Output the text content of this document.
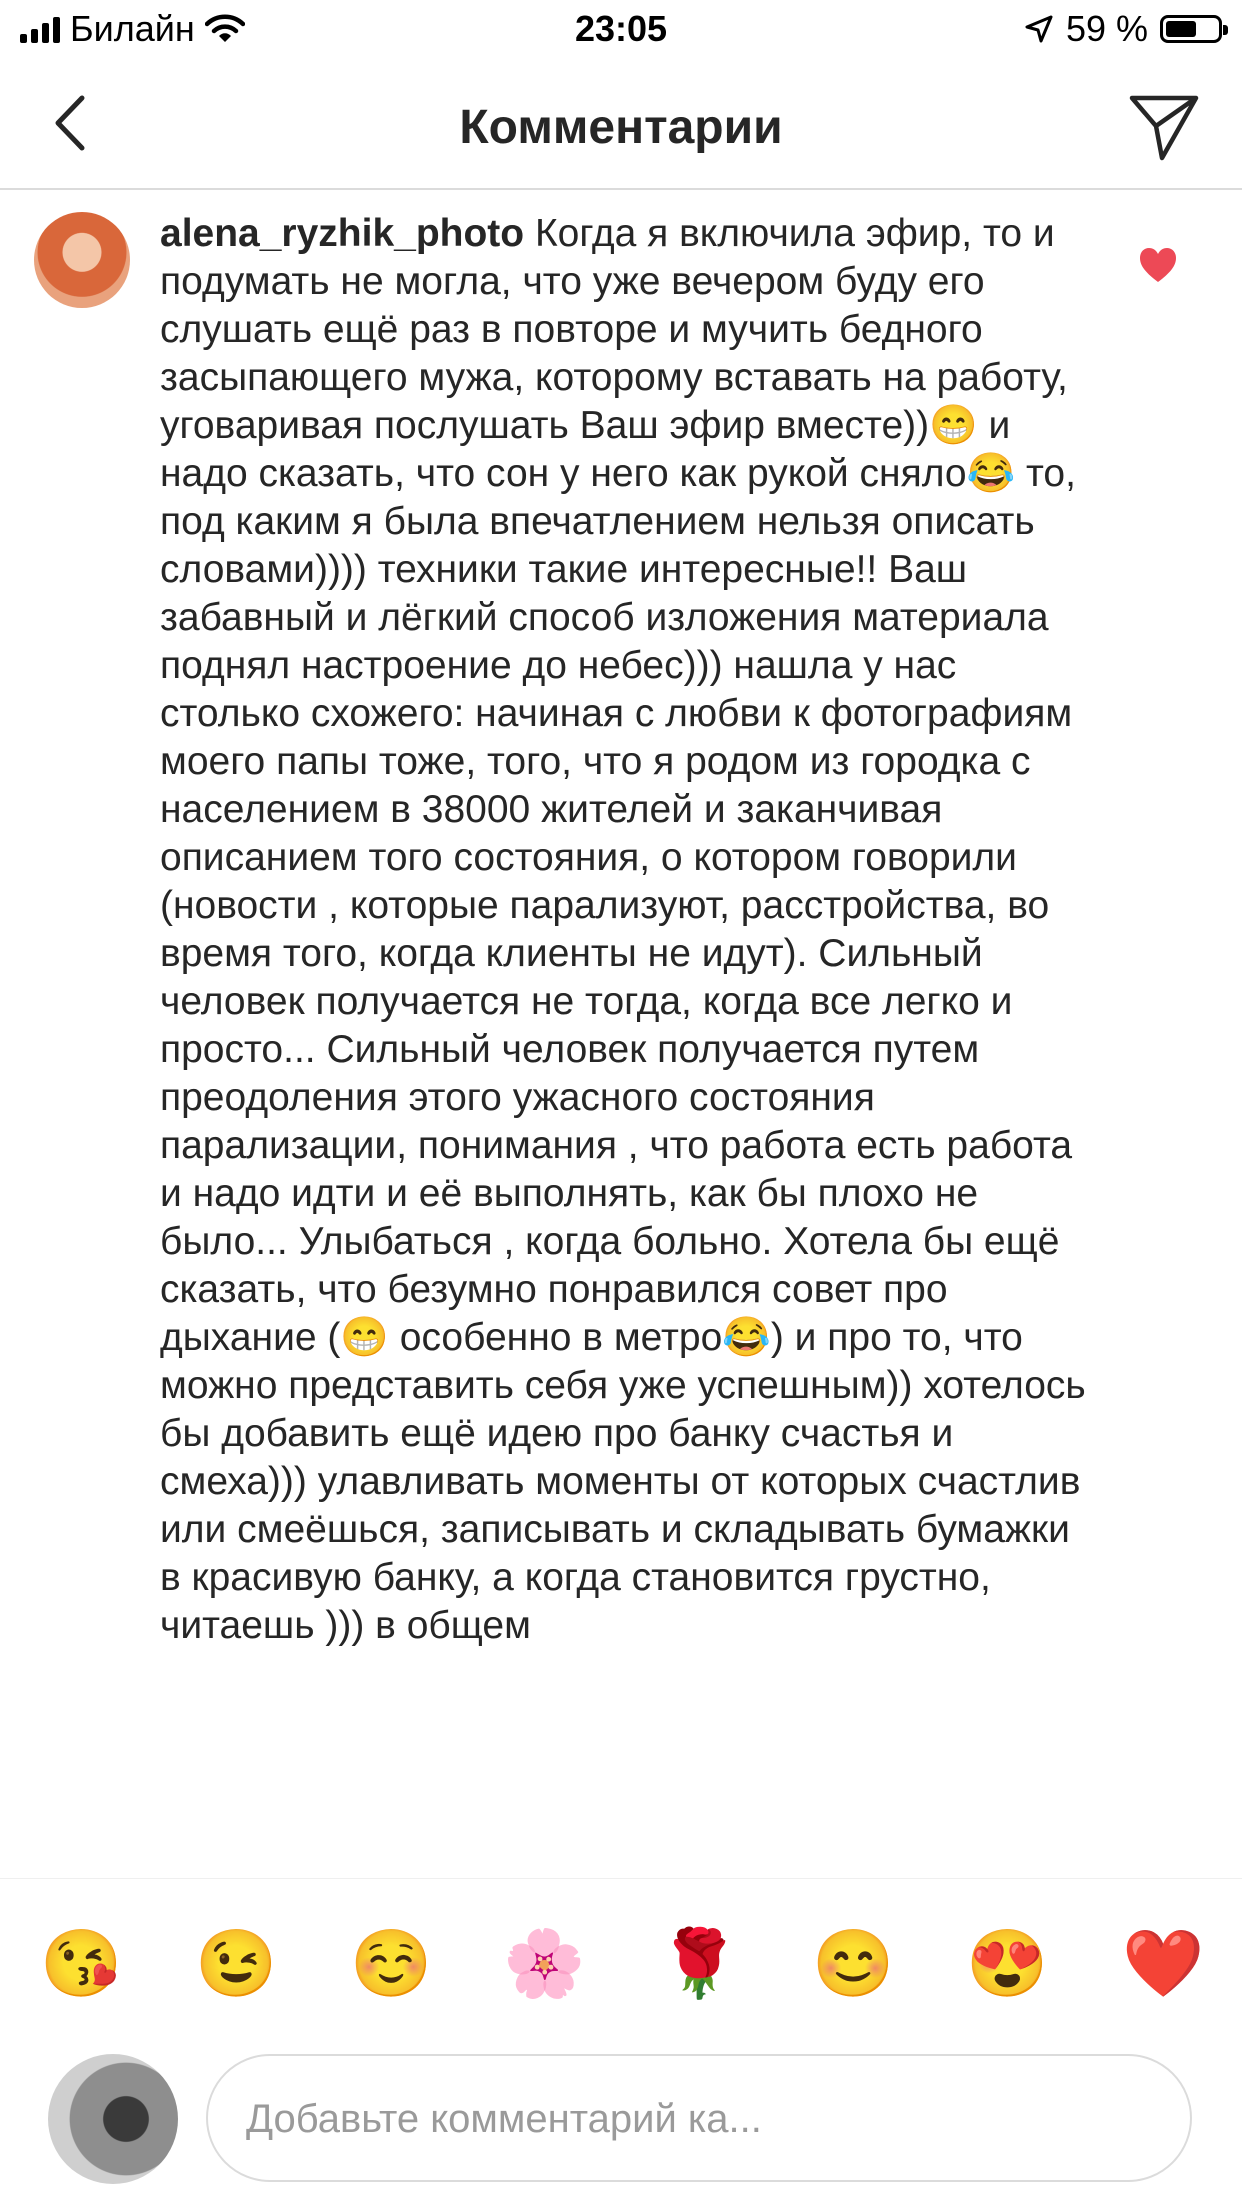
Билайн	23:05	59 %
Комментарии

alena_ryzhik_photo Когда я включила эфир, то и подумать не могла, что уже вечером буду его слушать ещё раз в повторе и мучить бедного засыпающего мужа, которому вставать на работу, уговаривая послушать Ваш эфир вместе))😁 и надо сказать, что сон у него как рукой сняло😂 то, под каким я была впечатлением нельзя описать словами)))) техники такие интересные!! Ваш забавный и лёгкий способ изложения материала поднял настроение до небес))) нашла у нас столько схожего: начиная с любви к фотографиям моего папы тоже, того, что я родом из городка с населением в 38000 жителей и заканчивая описанием того состояния, о котором говорили (новости , которые парализуют, расстройства, во время того, когда клиенты не идут). Сильный человек получается не тогда, когда все легко и просто... Сильный человек получается путем преодоления этого ужасного состояния парализации, понимания , что работа есть работа и надо идти и её выполнять, как бы плохо не было... Улыбаться , когда больно. Хотела бы ещё сказать, что безумно понравился совет про дыхание (😁 особенно в метро😂) и про то, что можно представить себя уже успешным)) хотелось бы добавить ещё идею про банку счастья и смеха))) улавливать моменты от которых счастлив или смеёшься, записывать и складывать бумажки в красивую банку, а когда становится грустно, читаешь ))) в общем

😘 😉 ☺️ 🌸 🌹 😊 😍 ❤️
Добавьте комментарий ка...
